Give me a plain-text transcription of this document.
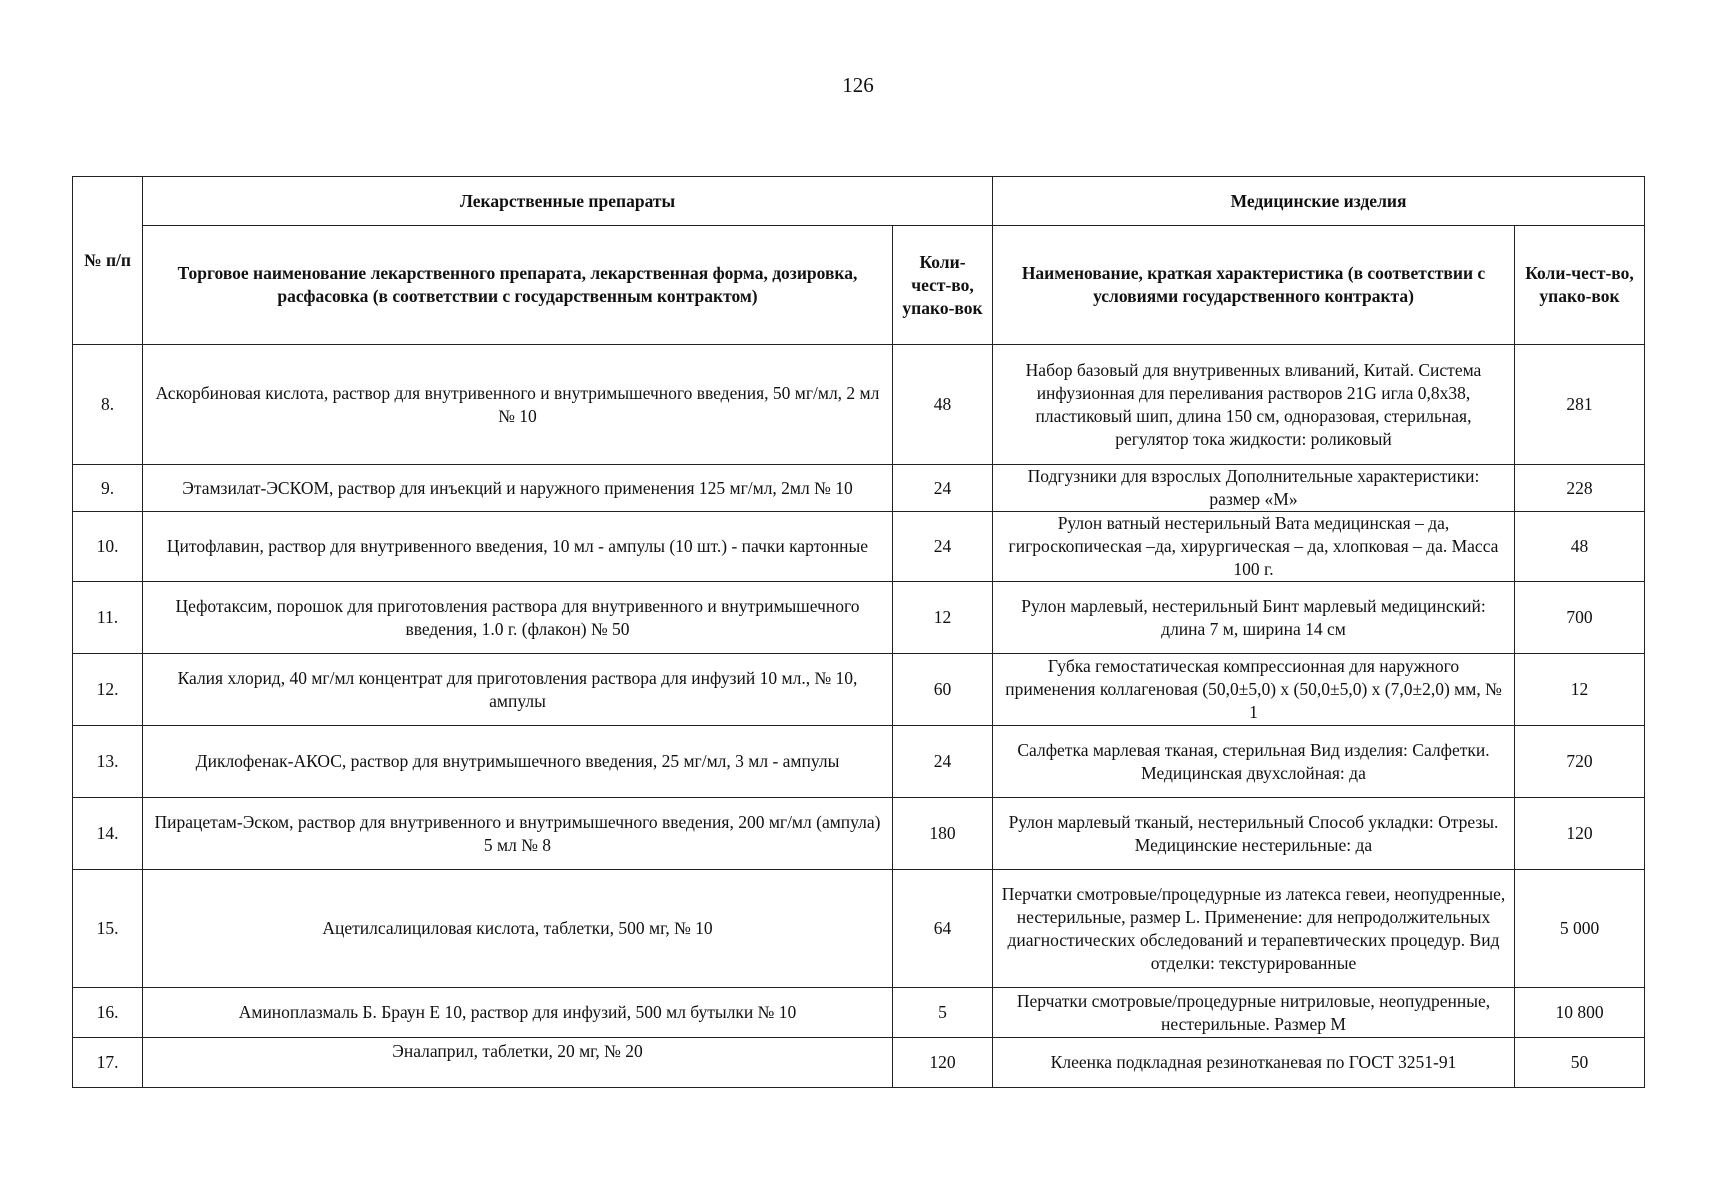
126
№ п/п	Лекарственные препараты		Медицинские изделия	
	Торговое наименование лекарственного препарата, лекарственная форма, дозировка, расфасовка (в соответствии с государственным контрактом)	Коли-чест-во, упако-вок	Наименование, краткая характеристика (в соответствии с условиями государственного контракта)	Коли-чест-во, упако-вок
8.	Аскорбиновая кислота, раствор для внутривенного и внутримышечного введения, 50 мг/мл, 2 мл № 10	48	Набор базовый для внутривенных вливаний, Китай. Система инфузионная для переливания растворов 21G игла 0,8х38, пластиковый шип, длина 150 см, одноразовая, стерильная, регулятор тока жидкости: роликовый	281
9.	Этамзилат-ЭСКОМ, раствор для инъекций и наружного применения 125 мг/мл, 2мл № 10	24	Подгузники для взрослых Дополнительные характеристики: размер «М»	228
10.	Цитофлавин, раствор для внутривенного введения, 10 мл - ампулы (10 шт.) - пачки картонные	24	Рулон ватный нестерильный Вата медицинская – да, гигроскопическая –да, хирургическая – да, хлопковая – да. Масса 100 г.	48
11.	Цефотаксим, порошок для приготовления раствора для внутривенного и внутримышечного введения, 1.0 г. (флакон) № 50	12	Рулон марлевый, нестерильный Бинт марлевый медицинский: длина 7 м, ширина 14 см	700
12.	Калия хлорид, 40 мг/мл концентрат для приготовления раствора для инфузий 10 мл., № 10, ампулы	60	Губка гемостатическая компрессионная для наружного применения коллагеновая (50,0±5,0) х (50,0±5,0) х (7,0±2,0) мм, № 1	12
13.	Диклофенак-АКОС, раствор для внутримышечного введения, 25 мг/мл, 3 мл - ампулы	24	Салфетка марлевая тканая, стерильная Вид изделия: Салфетки. Медицинская двухслойная: да	720
14.	Пирацетам-Эском, раствор для внутривенного и внутримышечного введения, 200 мг/мл (ампула) 5 мл № 8	180	Рулон марлевый тканый, нестерильный Способ укладки: Отрезы. Медицинские нестерильные: да	120
15.	Ацетилсалициловая кислота, таблетки, 500 мг, № 10	64	Перчатки смотровые/процедурные из латекса гевеи, неопудренные, нестерильные, размер L. Применение: для непродолжительных диагностических обследований и терапевтических процедур. Вид отделки: текстурированные	5 000
16.	Аминоплазмаль Б. Браун Е 10, раствор для инфузий, 500 мл бутылки № 10	5	Перчатки смотровые/процедурные нитриловые, неопудренные, нестерильные. Размер М	10 800
17.	Эналаприл, таблетки, 20 мг, № 20	120	Клеенка подкладная резинотканевая по ГОСТ 3251-91	50
